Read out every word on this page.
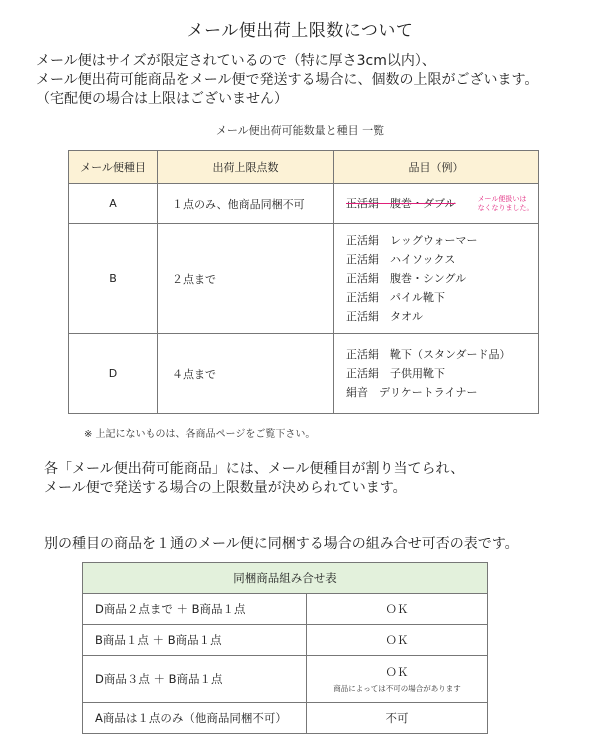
メール便出荷上限数について
メール便はサイズが限定されているので（特に厚さ3cm以内）、
メール便出荷可能商品をメール便で発送する場合に、個数の上限がございます。
（宅配便の場合は上限はございません）
メール便出荷可能数量と種目 一覧
メール便種目	出荷上限点数	品目（例）
A	１点のみ、他商品同梱不可	正活絹　腹巻・ダブル メール便扱いは
なくなりました。

B	２点まで	正活絹　レッグウォーマー
正活絹　ハイソックス
正活絹　腹巻・シングル
正活絹　パイル靴下
正活絹　タオル

D	４点まで	正活絹　靴下（スタンダード品）
正活絹　子供用靴下
絹音　デリケートライナー
※ 上記にないものは、各商品ページをご覧下さい。
各「メール便出荷可能商品」には、メール便種目が割り当てられ、
メール便で発送する場合の上限数量が決められています。
別の種目の商品を１通のメール便に同梱する場合の組み合せ可否の表です。
同梱商品組み合せ表	
D商品２点まで ＋ B商品１点	ＯＫ
B商品１点 ＋ B商品１点	ＯＫ
D商品３点 ＋ B商品１点	ＯＫ
商品によっては不可の場合があります

A商品は１点のみ（他商品同梱不可）	不可
